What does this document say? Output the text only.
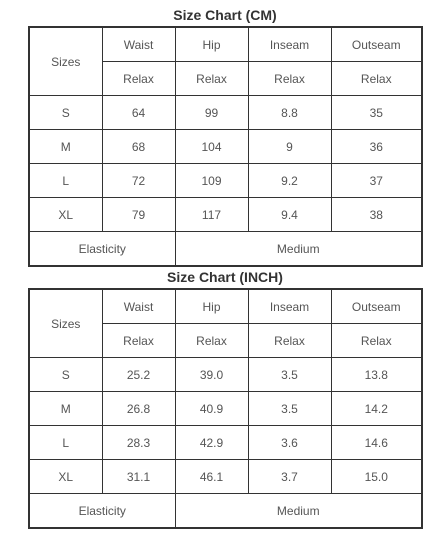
Size Chart (CM)
Sizes	Waist	Hip	Inseam	Outseam
	Relax	Relax	Relax	Relax
S	64	99	8.8	35
M	68	104	9	36
L	72	109	9.2	37
XL	79	117	9.4	38
Elasticity		Medium		
Size Chart (INCH)
Sizes	Waist	Hip	Inseam	Outseam
	Relax	Relax	Relax	Relax
S	25.2	39.0	3.5	13.8
M	26.8	40.9	3.5	14.2
L	28.3	42.9	3.6	14.6
XL	31.1	46.1	3.7	15.0
Elasticity		Medium		
